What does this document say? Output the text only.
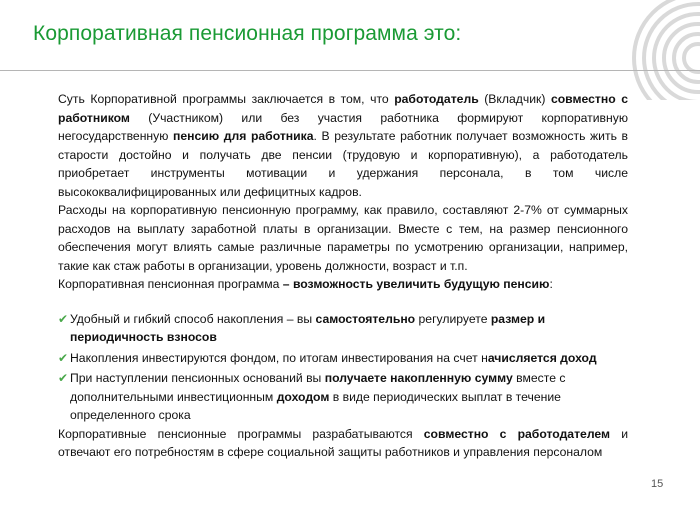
Корпоративная пенсионная программа это:

Суть Корпоративной программы заключается в том, что работодатель (Вкладчик) совместно с работником (Участником) или без участия работника формируют корпоративную негосударственную пенсию для работника. В результате работник получает возможность жить в старости достойно и получать две пенсии (трудовую и корпоративную), а работодатель приобретает инструменты мотивации и удержания персонала, в том числе высококвалифицированных или дефицитных кадров.

Расходы на корпоративную пенсионную программу, как правило, составляют 2-7% от суммарных расходов на выплату заработной платы в организации. Вместе с тем, на размер пенсионного обеспечения могут влиять самые различные параметры по усмотрению организации, например, такие как стаж работы в организации, уровень должности, возраст и т.п.

Корпоративная пенсионная программа – возможность увеличить будущую пенсию:

✔ Удобный и гибкий способ накопления – вы самостоятельно регулируете размер и периодичность взносов
✔ Накопления инвестируются фондом, по итогам инвестирования на счет начисляется доход
✔ При наступлении пенсионных оснований вы получаете накопленную сумму вместе с дополнительными инвестиционным доходом в виде периодических выплат в течение определенного срока

Корпоративные пенсионные программы разрабатываются совместно с работодателем и отвечают его потребностям в сфере социальной защиты работников и управления персоналом

15
